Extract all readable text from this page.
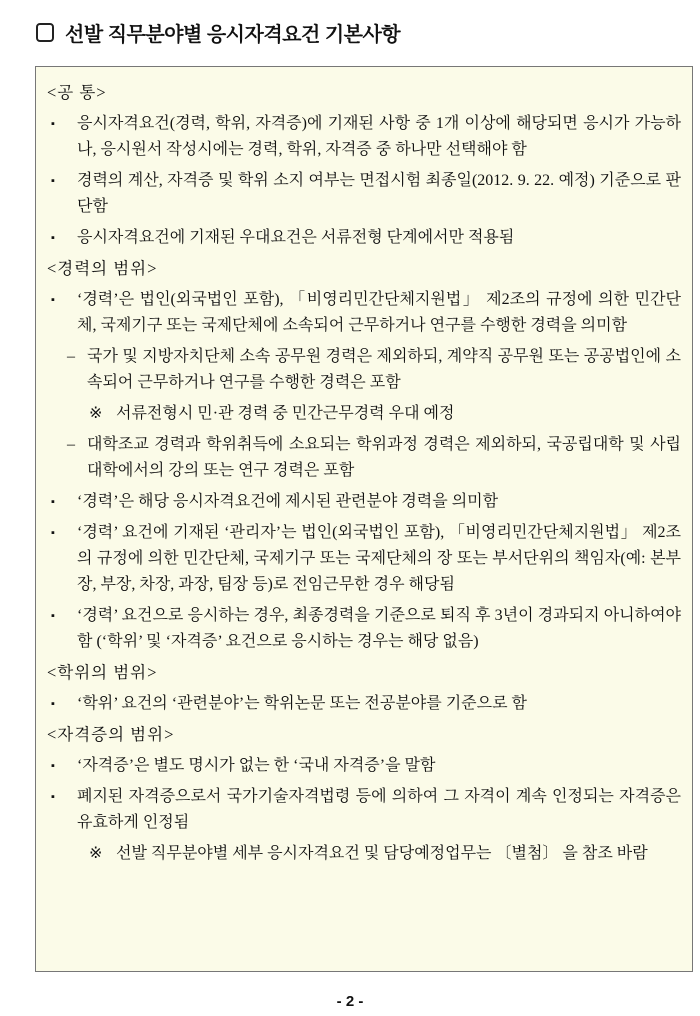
선발 직무분야별 응시자격요건 기본사항
<공 통>
▪ 응시자격요건(경력, 학위, 자격증)에 기재된 사항 중 1개 이상에 해당되면 응시가 가능하나, 응시원서 작성시에는 경력, 학위, 자격증 중 하나만 선택해야 함
▪ 경력의 계산, 자격증 및 학위 소지 여부는 면접시험 최종일(2012. 9. 22. 예정) 기준으로 판단함
▪ 응시자격요건에 기재된 우대요건은 서류전형 단계에서만 적용됨
<경력의 범위>
▪ ‘경력’은 법인(외국법인 포함), 「비영리민간단체지원법」 제2조의 규정에 의한 민간단체, 국제기구 또는 국제단체에 소속되어 근무하거나 연구를 수행한 경력을 의미함
– 국가 및 지방자치단체 소속 공무원 경력은 제외하되, 계약직 공무원 또는 공공법인에 소속되어 근무하거나 연구를 수행한 경력은 포함
※ 서류전형시 민·관 경력 중 민간근무경력 우대 예정
– 대학조교 경력과 학위취득에 소요되는 학위과정 경력은 제외하되, 국공립대학 및 사립대학에서의 강의 또는 연구 경력은 포함
▪ ‘경력’은 해당 응시자격요건에 제시된 관련분야 경력을 의미함
▪ ‘경력’ 요건에 기재된 ‘관리자’는 법인(외국법인 포함), 「비영리민간단체지원법」 제2조의 규정에 의한 민간단체, 국제기구 또는 국제단체의 장 또는 부서단위의 책임자(예: 본부장, 부장, 차장, 과장, 팀장 등)로 전임근무한 경우 해당됨
▪ ‘경력’ 요건으로 응시하는 경우, 최종경력을 기준으로 퇴직 후 3년이 경과되지 아니하여야 함 (‘학위’ 및 ‘자격증’ 요건으로 응시하는 경우는 해당 없음)
<학위의 범위>
▪ ‘학위’ 요건의 ‘관련분야’는 학위논문 또는 전공분야를 기준으로 함
<자격증의 범위>
▪ ‘자격증’은 별도 명시가 없는 한 ‘국내 자격증’을 말함
▪ 폐지된 자격증으로서 국가기술자격법령 등에 의하여 그 자격이 계속 인정되는 자격증은 유효하게 인정됨
※ 선발 직무분야별 세부 응시자격요건 및 담당예정업무는 〔별첨〕 을 참조 바람
- 2 -
